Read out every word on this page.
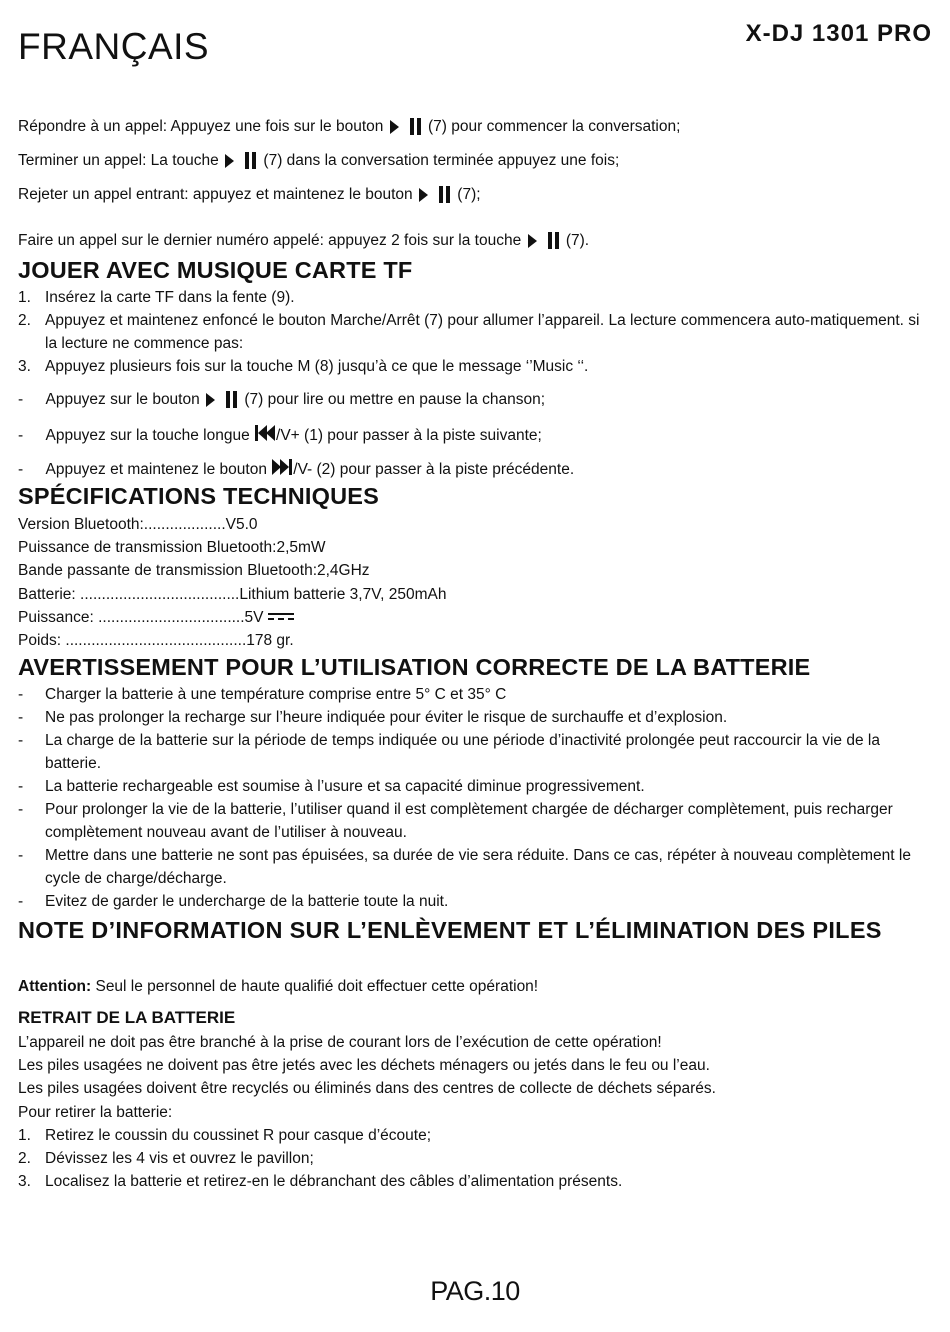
FRANÇAIS	X-DJ 1301 PRO
Répondre à un appel: Appuyez une fois sur le bouton	(7) pour commencer la conversation;
Terminer un appel: La touche	(7) dans la conversation terminée appuyez une fois;
Rejeter un appel entrant: appuyez et maintenez le bouton	(7);
Faire un appel sur le dernier numéro appelé: appuyez 2 fois sur la touche	(7).
JOUER AVEC MUSIQUE CARTE TF
1. Insérez la carte TF dans la fente (9).
2. Appuyez et maintenez enfoncé le bouton Marche/Arrêt (7) pour allumer l’appareil. La lecture commencera auto-matiquement. si la lecture ne commence pas:
3. Appuyez plusieurs fois sur la touche M (8) jusqu’à ce que le message ‘’Music ‘‘.
- Appuyez sur le bouton	(7) pour lire ou mettre en pause la chanson;
- Appuyez sur la touche longue /V+ (1) pour passer à la piste suivante;
- Appuyez et maintenez le bouton /V- (2) pour passer à la piste précédente.
SPÉCIFICATIONS TECHNIQUES
Version Bluetooth:...................V5.0
Puissance de transmission Bluetooth:2,5mW
Bande passante de transmission Bluetooth:2,4GHz
Batterie: .....................................Lithium batterie 3,7V, 250mAh
Puissance: ..................................5V
Poids: ..........................................178 gr.
AVERTISSEMENT POUR L’UTILISATION CORRECTE DE LA BATTERIE
- Charger la batterie à une température comprise entre 5° C et 35° C
- Ne pas prolonger la recharge sur l’heure indiquée pour éviter le risque de surchauffe et d’explosion.
- La charge de la batterie sur la période de temps indiquée ou une période d’inactivité prolongée peut raccourcir la vie de la batterie.
- La batterie rechargeable est soumise à l’usure et sa capacité diminue progressivement.
- Pour prolonger la vie de la batterie, l’utiliser quand il est complètement chargée de décharger complètement, puis recharger complètement nouveau avant de l’utiliser à nouveau.
- Mettre dans une batterie ne sont pas épuisées, sa durée de vie sera réduite. Dans ce cas, répéter à nouveau complètement le cycle de charge/décharge.
- Evitez de garder le undercharge de la batterie toute la nuit.
NOTE D’INFORMATION SUR L’ENLÈVEMENT ET L’ÉLIMINATION DES PILES
Attention: Seul le personnel de haute qualifié doit effectuer cette opération!
RETRAIT DE LA BATTERIE
L’appareil ne doit pas être branché à la prise de courant lors de l’exécution de cette opération!
Les piles usagées ne doivent pas être jetés avec les déchets ménagers ou jetés dans le feu ou l’eau.
Les piles usagées doivent être recyclés ou éliminés dans des centres de collecte de déchets séparés.
Pour retirer la batterie:
1. Retirez le coussin du coussinet R pour casque d’écoute;
2. Dévissez les 4 vis et ouvrez le pavillon;
3. Localisez la batterie et retirez-en le débranchant des câbles d’alimentation présents.
PAG.10
